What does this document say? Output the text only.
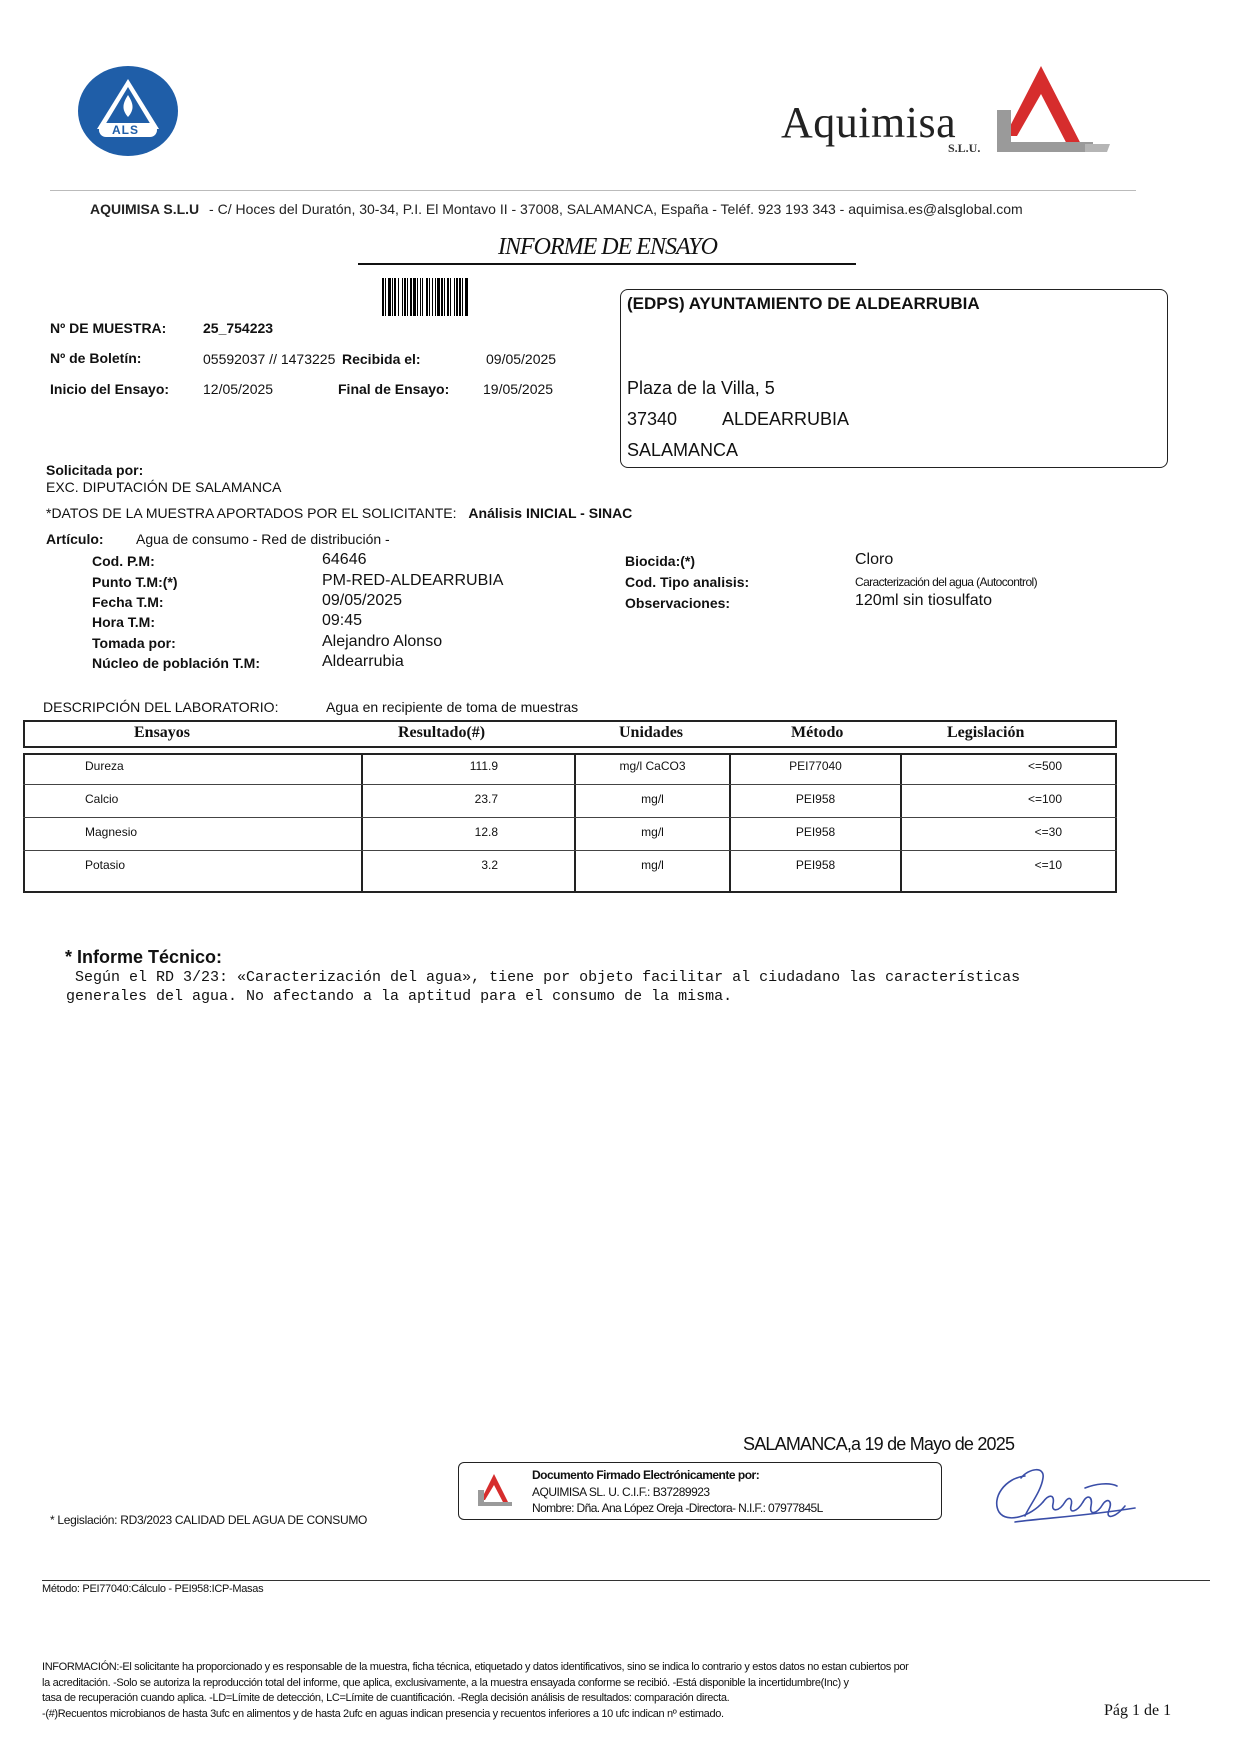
ALS	Aquimisa
S.L.U.
AQUIMISA S.L.U - C/ Hoces del Duratón, 30-34, P.I. El Montavo II - 37008, SALAMANCA, España - Teléf. 923 193 343 - aquimisa.es@alsglobal.com
INFORME DE ENSAYO
Nº DE MUESTRA:	25_754223
Nº de Boletín:	05592037 // 1473225 Recibida el:	09/05/2025
Inicio del Ensayo: 12/05/2025	Final de Ensayo: 19/05/2025
(EDPS) AYUNTAMIENTO DE ALDEARRUBIA
Plaza de la Villa, 5
37340 ALDEARRUBIA
SALAMANCA
Solicitada por:
EXC. DIPUTACIÓN DE SALAMANCA
*DATOS DE LA MUESTRA APORTADOS POR EL SOLICITANTE: Análisis INICIAL - SINAC
Artículo: Agua de consumo - Red de distribución -
Cod. P.M:	64646
Punto T.M:(*)	PM-RED-ALDEARRUBIA
Fecha T.M:	09/05/2025
Hora T.M:	09:45
Tomada por:	Alejandro Alonso
Núcleo de población T.M:	Aldearrubia
Biocida:(*)	Cloro
Cod. Tipo analisis:	Caracterización del agua (Autocontrol)
Observaciones:	120ml sin tiosulfato
DESCRIPCIÓN DEL LABORATORIO:	Agua en recipiente de toma de muestras
Ensayos	Resultado(#)	Unidades	Método	Legislación
Dureza	111.9	mg/l CaCO3	PEI77040	<=500
Calcio	23.7	mg/l	PEI958	<=100
Magnesio	12.8	mg/l	PEI958	<=30
Potasio	3.2	mg/l	PEI958	<=10
* Informe Técnico:
Según el RD 3/23: «Caracterización del agua», tiene por objeto facilitar al ciudadano las características
generales del agua. No afectando a la aptitud para el consumo de la misma.
SALAMANCA,a 19 de Mayo de 2025
Documento Firmado Electrónicamente por:
AQUIMISA SL. U. C.I.F.: B37289923
Nombre: Dña. Ana López Oreja -Directora- N.I.F.: 07977845L
* Legislación: RD3/2023 CALIDAD DEL AGUA DE CONSUMO
Método: PEI77040:Cálculo - PEI958:ICP-Masas
INFORMACIÓN:-El solicitante ha proporcionado y es responsable de la muestra, ficha técnica, etiquetado y datos identificativos, sino se indica lo contrario y estos datos no estan cubiertos por
la acreditación. -Solo se autoriza la reproducción total del informe, que aplica, exclusivamente, a la muestra ensayada conforme se recibió. -Está disponible la incertidumbre(Inc) y
tasa de recuperación cuando aplica. -LD=Límite de detección, LC=Límite de cuantificación. -Regla decisión análisis de resultados: comparación directa.
-(#)Recuentos microbianos de hasta 3ufc en alimentos y de hasta 2ufc en aguas indican presencia y recuentos inferiores a 10 ufc indican nº estimado.	Pág 1 de 1
